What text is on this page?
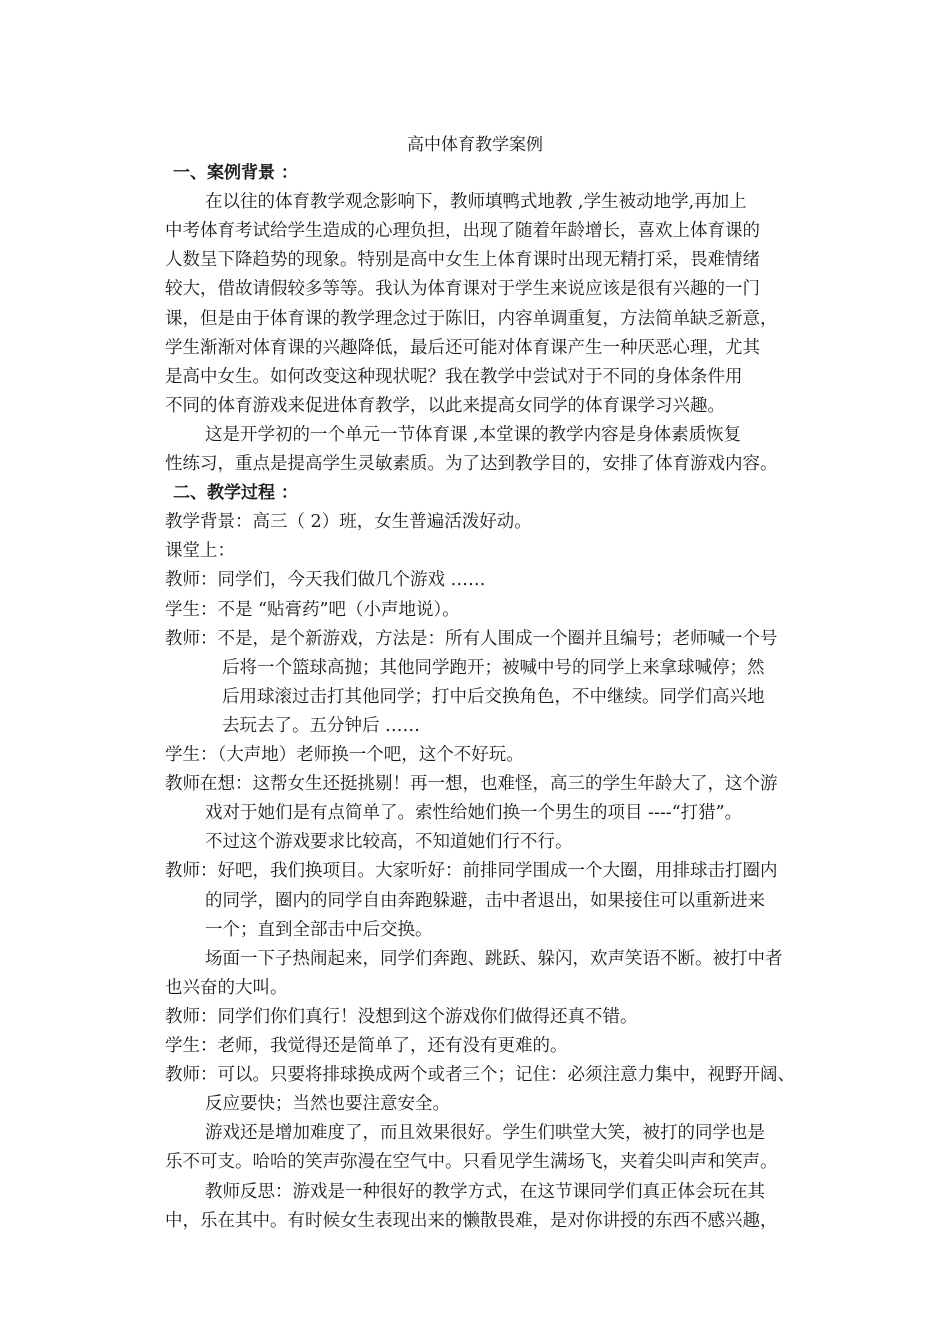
高中体育教学案例
一、案例背景 ：
在以往的体育教学观念影响下，教师填鸭式地教 ,学生被动地学,再加上
中考体育考试给学生造成的心理负担，出现了随着年龄增长，喜欢上体育课的
人数呈下降趋势的现象。特别是高中女生上体育课时出现无精打采，畏难情绪
较大，借故请假较多等等。我认为体育课对于学生来说应该是很有兴趣的一门
课，但是由于体育课的教学理念过于陈旧，内容单调重复，方法简单缺乏新意，
学生渐渐对体育课的兴趣降低，最后还可能对体育课产生一种厌恶心理，尤其
是高中女生。如何改变这种现状呢？我在教学中尝试对于不同的身体条件用
不同的体育游戏来促进体育教学，以此来提高女同学的体育课学习兴趣。
这是开学初的一个单元一节体育课 ,本堂课的教学内容是身体素质恢复
性练习，重点是提高学生灵敏素质。为了达到教学目的，安排了体育游戏内容。
二、教学过程 ：
教学背景：高三（ 2）班，女生普遍活泼好动。
课堂上：
教师：同学们，今天我们做几个游戏 ……
学生：不是 “贴膏药”吧（小声地说）。
教师：不是，是个新游戏，方法是：所有人围成一个圈并且编号；老师喊一个号
后将一个篮球高抛；其他同学跑开；被喊中号的同学上来拿球喊停；然
后用球滚过击打其他同学；打中后交换角色，不中继续。同学们高兴地
去玩去了。五分钟后 ……
学生：（大声地）老师换一个吧，这个不好玩。
教师在想：这帮女生还挺挑剔！再一想，也难怪，高三的学生年龄大了，这个游
戏对于她们是有点简单了。索性给她们换一个男生的项目 ----“打猎”。
不过这个游戏要求比较高，不知道她们行不行。
教师：好吧，我们换项目。大家听好：前排同学围成一个大圈，用排球击打圈内
的同学，圈内的同学自由奔跑躲避，击中者退出，如果接住可以重新进来
一个；直到全部击中后交换。
场面一下子热闹起来，同学们奔跑、跳跃、躲闪，欢声笑语不断。被打中者
也兴奋的大叫。
教师：同学们你们真行！没想到这个游戏你们做得还真不错。
学生：老师，我觉得还是简单了，还有没有更难的。
教师：可以。只要将排球换成两个或者三个；记住：必须注意力集中，视野开阔、
反应要快；当然也要注意安全。
游戏还是增加难度了，而且效果很好。学生们哄堂大笑，被打的同学也是
乐不可支。哈哈的笑声弥漫在空气中。只看见学生满场飞，夹着尖叫声和笑声。
教师反思：游戏是一种很好的教学方式，在这节课同学们真正体会玩在其
中，乐在其中。有时候女生表现出来的懒散畏难，是对你讲授的东西不感兴趣，
